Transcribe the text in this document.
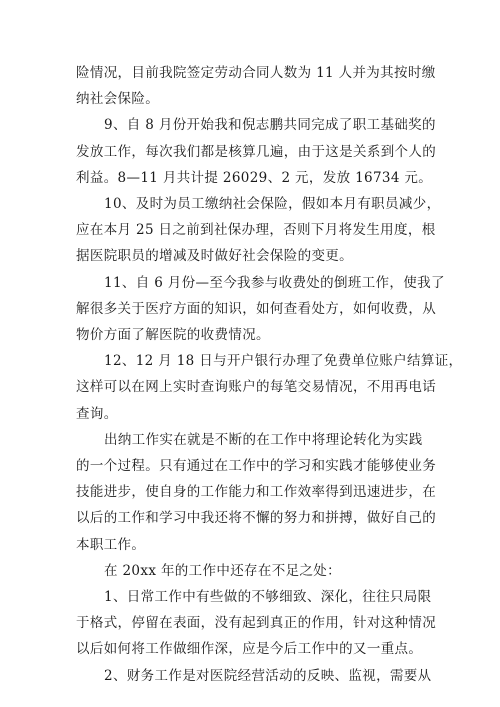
险情况，目前我院签定劳动合同人数为 11 人并为其按时缴
纳社会保险。

9、自 8 月份开始我和倪志鹏共同完成了职工基础奖的
发放工作，每次我们都是核算几遍，由于这是关系到个人的
利益。8—11 月共计提 26029、2 元，发放 16734 元。

10、及时为员工缴纳社会保险，假如本月有职员减少，
应在本月 25 日之前到社保办理，否则下月将发生用度，根
据医院职员的增减及时做好社会保险的变更。

11、自 6 月份—至今我参与收费处的倒班工作，使我了
解很多关于医疗方面的知识，如何查看处方，如何收费，从
物价方面了解医院的收费情况。

12、12 月 18 日与开户银行办理了免费单位账户结算证，
这样可以在网上实时查询账户的每笔交易情况，不用再电话
查询。

出纳工作实在就是不断的在工作中将理论转化为实践
的一个过程。只有通过在工作中的学习和实践才能够使业务
技能进步，使自身的工作能力和工作效率得到迅速进步，在
以后的工作和学习中我还将不懈的努力和拼搏，做好自己的
本职工作。

在 20xx 年的工作中还存在不足之处：

1、日常工作中有些做的不够细致、深化，往往只局限
于格式，停留在表面，没有起到真正的作用，针对这种情况
以后如何将工作做细作深，应是今后工作中的又一重点。

2、财务工作是对医院经营活动的反映、监视，需要从
